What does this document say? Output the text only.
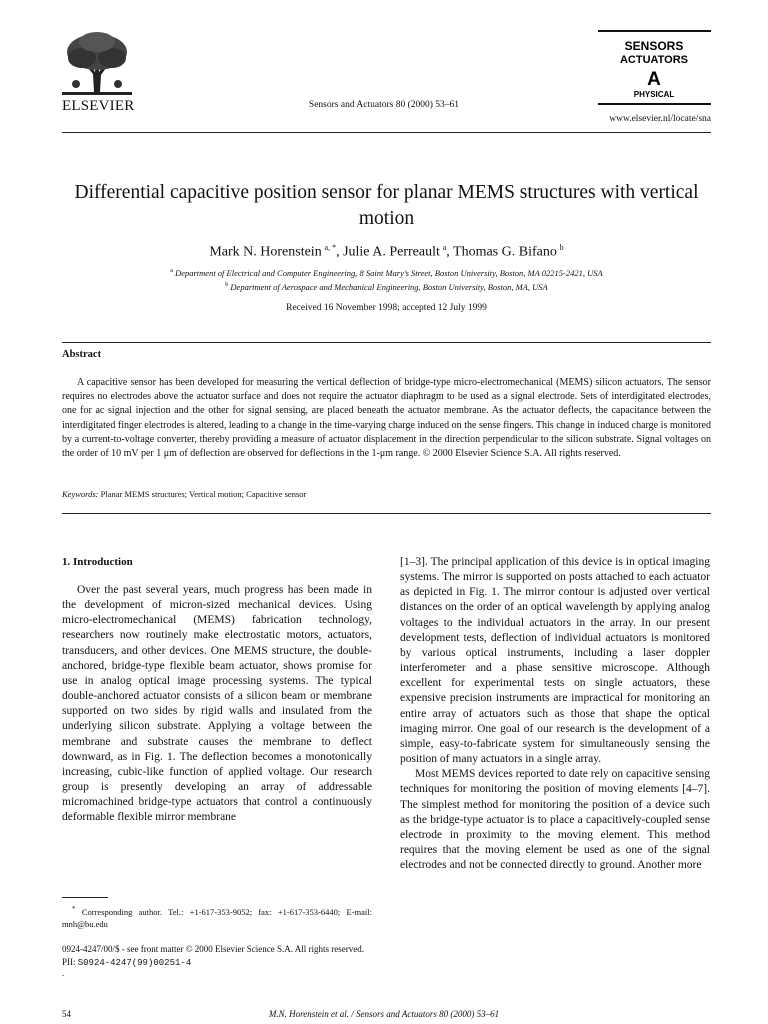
ELSEVIER	Sensors and Actuators 80 (2000) 53–61
SENSORS
ACTUATORS
A
PHYSICAL
www.elsevier.nl/locate/sna
Differential capacitive position sensor for planar MEMS structures with vertical motion
Mark N. Horenstein  $^{a, *}$, Julie A. Perreault  $^a$, Thomas G. Bifano  $^b$
$^a$ Department of Electrical and Computer Engineering, 8 Saint Mary’s Street, Boston University, Boston, MA 02215-2421, USA
$^b$ Department of Aerospace and Mechanical Engineering, Boston University, Boston, MA, USA
Received 16 November 1998; accepted 12 July 1999
Abstract
A capacitive sensor has been developed for measuring the vertical deflection of bridge-type micro-electromechanical (MEMS) silicon actuators. The sensor requires no electrodes above the actuator surface and does not require the actuator diaphragm to be used as a signal electrode. Sets of interdigitated electrodes, one for ac signal injection and the other for signal sensing, are placed beneath the actuator membrane. As the actuator deflects, the capacitance between the interdigitated finger electrodes is altered, leading to a change in the time-varying charge induced on the sense fingers. This change in induced charge is monitored by a current-to-voltage converter, thereby providing a measure of actuator displacement in the direction perpendicular to the silicon substrate. Signal voltages on the order of 10 mV per 1 μm of deflection are observed for deflections in the 1-μm range. © 2000 Elsevier Science S.A. All rights reserved.
Keywords: Planar MEMS structures; Vertical motion; Capacitive sensor
1. Introduction

Over the past several years, much progress has been made in the development of micron-sized mechanical devices. Using micro-electromechanical (MEMS) fabrication technology, researchers now routinely make electrostatic motors, actuators, transducers, and other devices. One MEMS structure, the double-anchored, bridge-type flexible beam actuator, shows promise for use in analog optical image processing systems. The typical double-anchored actuator consists of a silicon beam or membrane supported on two sides by rigid walls and insulated from the underlying silicon substrate. Applying a voltage between the membrane and substrate causes the membrane to deflect downward, as in Fig. 1. The deflection becomes a monotonically increasing, cubic-like function of applied voltage. Our research group is presently developing an array of addressable micromachined bridge-type actuators that control a continuously deformable flexible mirror membrane

[1–3]. The principal application of this device is in optical imaging systems. The mirror is supported on posts attached to each actuator as depicted in Fig. 1. The mirror contour is adjusted over vertical distances on the order of an optical wavelength by applying analog voltages to the individual actuators in the array. In our present development tests, deflection of individual actuators is monitored by various optical instruments, including a laser doppler interferometer and a phase sensitive microscope. Although excellent for experimental tests on single actuators, these expensive precision instruments are impractical for monitoring an entire array of actuators such as those that shape the optical imaging mirror. One goal of our research is the development of a simple, easy-to-fabricate system for simultaneously sensing the position of many actuators in a single array.

Most MEMS devices reported to date rely on capacitive sensing techniques for monitoring the position of moving elements [4–7]. The simplest method for monitoring the position of a device such as the bridge-type actuator is to place a capacitively-coupled sense electrode in proximity to the moving element. This method requires that the moving element be used as one of the signal electrodes and not be connected directly to ground. Another more

* Corresponding author. Tel.: +1-617-353-9052; fax: +1-617-353-6440; E-mail: mnh@bu.edu
0924-4247/00/$ - see front matter © 2000 Elsevier Science S.A. All rights reserved.
PII: S0924-4247(99)00251-4
.
54	M.N. Horenstein et al. / Sensors and Actuators 80 (2000) 53–61
